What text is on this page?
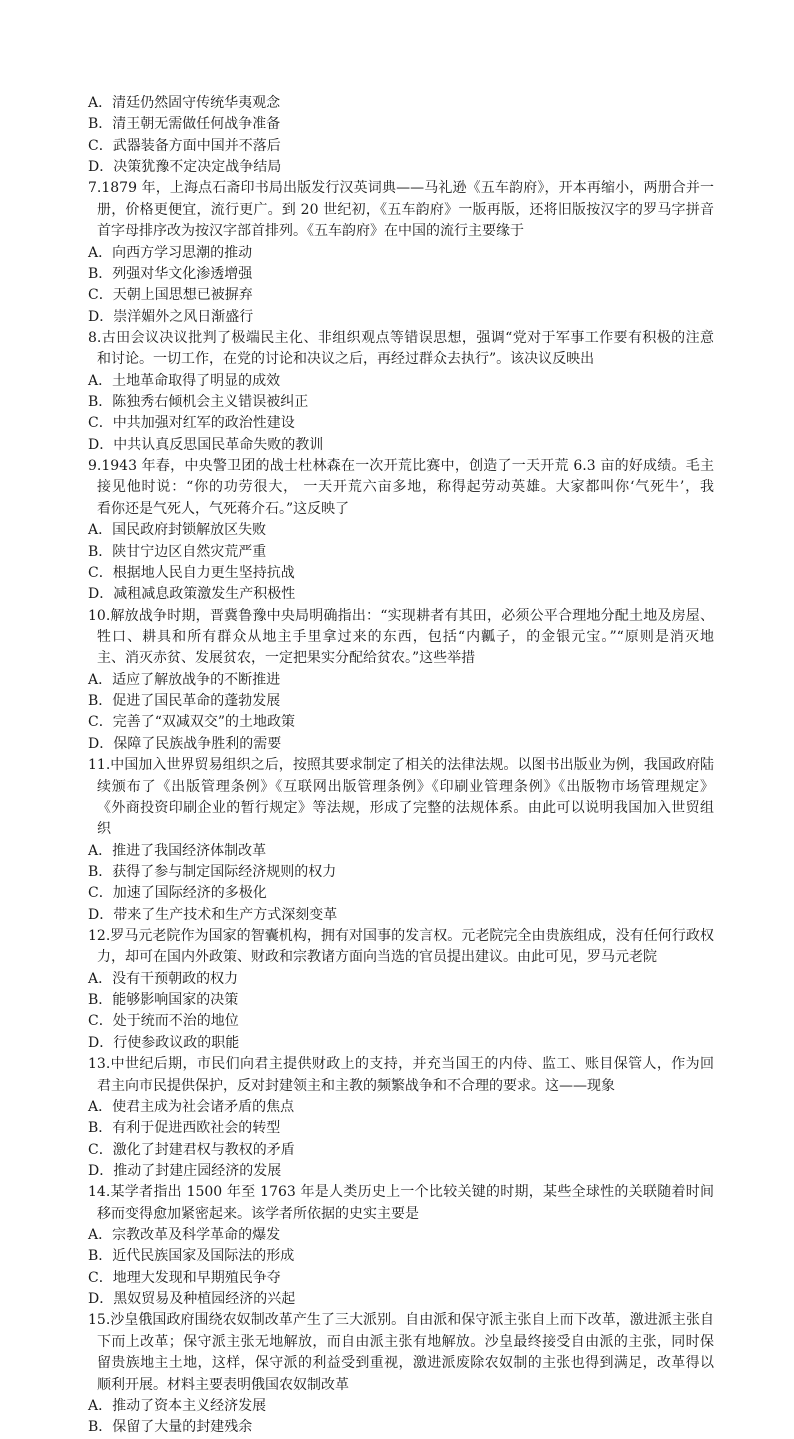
A．清廷仍然固守传统华夷观念
B．清王朝无需做任何战争准备
C．武器装备方面中国并不落后
D．决策犹豫不定决定战争结局
7.1879 年，上海点石斋印书局出版发行汉英词典——马礼逊《五车韵府》，开本再缩小，两册合并一
册，价格更便宜，流行更广。到 20 世纪初，《五车韵府》一版再版，还将旧版按汉字的罗马字拼音
首字母排序改为按汉字部首排列。《五车韵府》在中国的流行主要缘于
A．向西方学习思潮的推动
B．列强对华文化渗透增强
C．天朝上国思想已被摒弃
D．崇洋媚外之风日渐盛行
8.古田会议决议批判了极端民主化、非组织观点等错误思想，强调“党对于军事工作要有积极的注意
和讨论。一切工作，在党的讨论和决议之后，再经过群众去执行”。该决议反映出
A．土地革命取得了明显的成效
B．陈独秀右倾机会主义错误被纠正
C．中共加强对红军的政治性建设
D．中共认真反思国民革命失败的教训
9.1943 年春，中央警卫团的战士杜林森在一次开荒比赛中，创造了一天开荒 6.3 亩的好成绩。毛主
接见他时说：“你的功劳很大， 一天开荒六亩多地，称得起劳动英雄。大家都叫你‘气死牛’，我
看你还是气死人，气死蒋介石。”这反映了
A．国民政府封锁解放区失败
B．陕甘宁边区自然灾荒严重
C．根据地人民自力更生坚持抗战
D．减租减息政策激发生产积极性
10.解放战争时期，晋冀鲁豫中央局明确指出：“实现耕者有其田，必须公平合理地分配土地及房屋、
牲口、耕具和所有群众从地主手里拿过来的东西，包括“内瓤子，的金银元宝。”“原则是消灭地
主、消灭赤贫、发展贫农，一定把果实分配给贫农。”这些举措
A．适应了解放战争的不断推进
B．促进了国民革命的蓬勃发展
C．完善了“双减双交”的土地政策
D．保障了民族战争胜利的需要
11.中国加入世界贸易组织之后，按照其要求制定了相关的法律法规。以图书出版业为例，我国政府陆
续颁布了《出版管理条例》《互联网出版管理条例》《印刷业管理条例》《出版物市场管理规定》
《外商投资印刷企业的暂行规定》等法规，形成了完整的法规体系。由此可以说明我国加入世贸组
织
A．推进了我国经济体制改革
B．获得了参与制定国际经济规则的权力
C．加速了国际经济的多极化
D．带来了生产技术和生产方式深刻变革
12.罗马元老院作为国家的智囊机构，拥有对国事的发言权。元老院完全由贵族组成，没有任何行政权
力，却可在国内外政策、财政和宗教诸方面向当选的官员提出建议。由此可见，罗马元老院
A．没有干预朝政的权力
B．能够影响国家的决策
C．处于统而不治的地位
D．行使参政议政的职能
13.中世纪后期，市民们向君主提供财政上的支持，并充当国王的内侍、监工、账目保管人，作为回
君主向市民提供保护，反对封建领主和主教的频繁战争和不合理的要求。这——现象
A．使君主成为社会诸矛盾的焦点
B．有利于促进西欧社会的转型
C．激化了封建君权与教权的矛盾
D．推动了封建庄园经济的发展
14.某学者指出 1500 年至 1763 年是人类历史上一个比较关键的时期，某些全球性的关联随着时间
移而变得愈加紧密起来。该学者所依据的史实主要是
A．宗教改革及科学革命的爆发
B．近代民族国家及国际法的形成
C．地理大发现和早期殖民争夺
D．黑奴贸易及种植园经济的兴起
15.沙皇俄国政府围绕农奴制改革产生了三大派别。自由派和保守派主张自上而下改革，激进派主张自
下而上改革；保守派主张无地解放，而自由派主张有地解放。沙皇最终接受自由派的主张，同时保
留贵族地主土地，这样，保守派的利益受到重视，激进派废除农奴制的主张也得到满足，改革得以
顺利开展。材料主要表明俄国农奴制改革
A．推动了资本主义经济发展
B．保留了大量的封建残余
